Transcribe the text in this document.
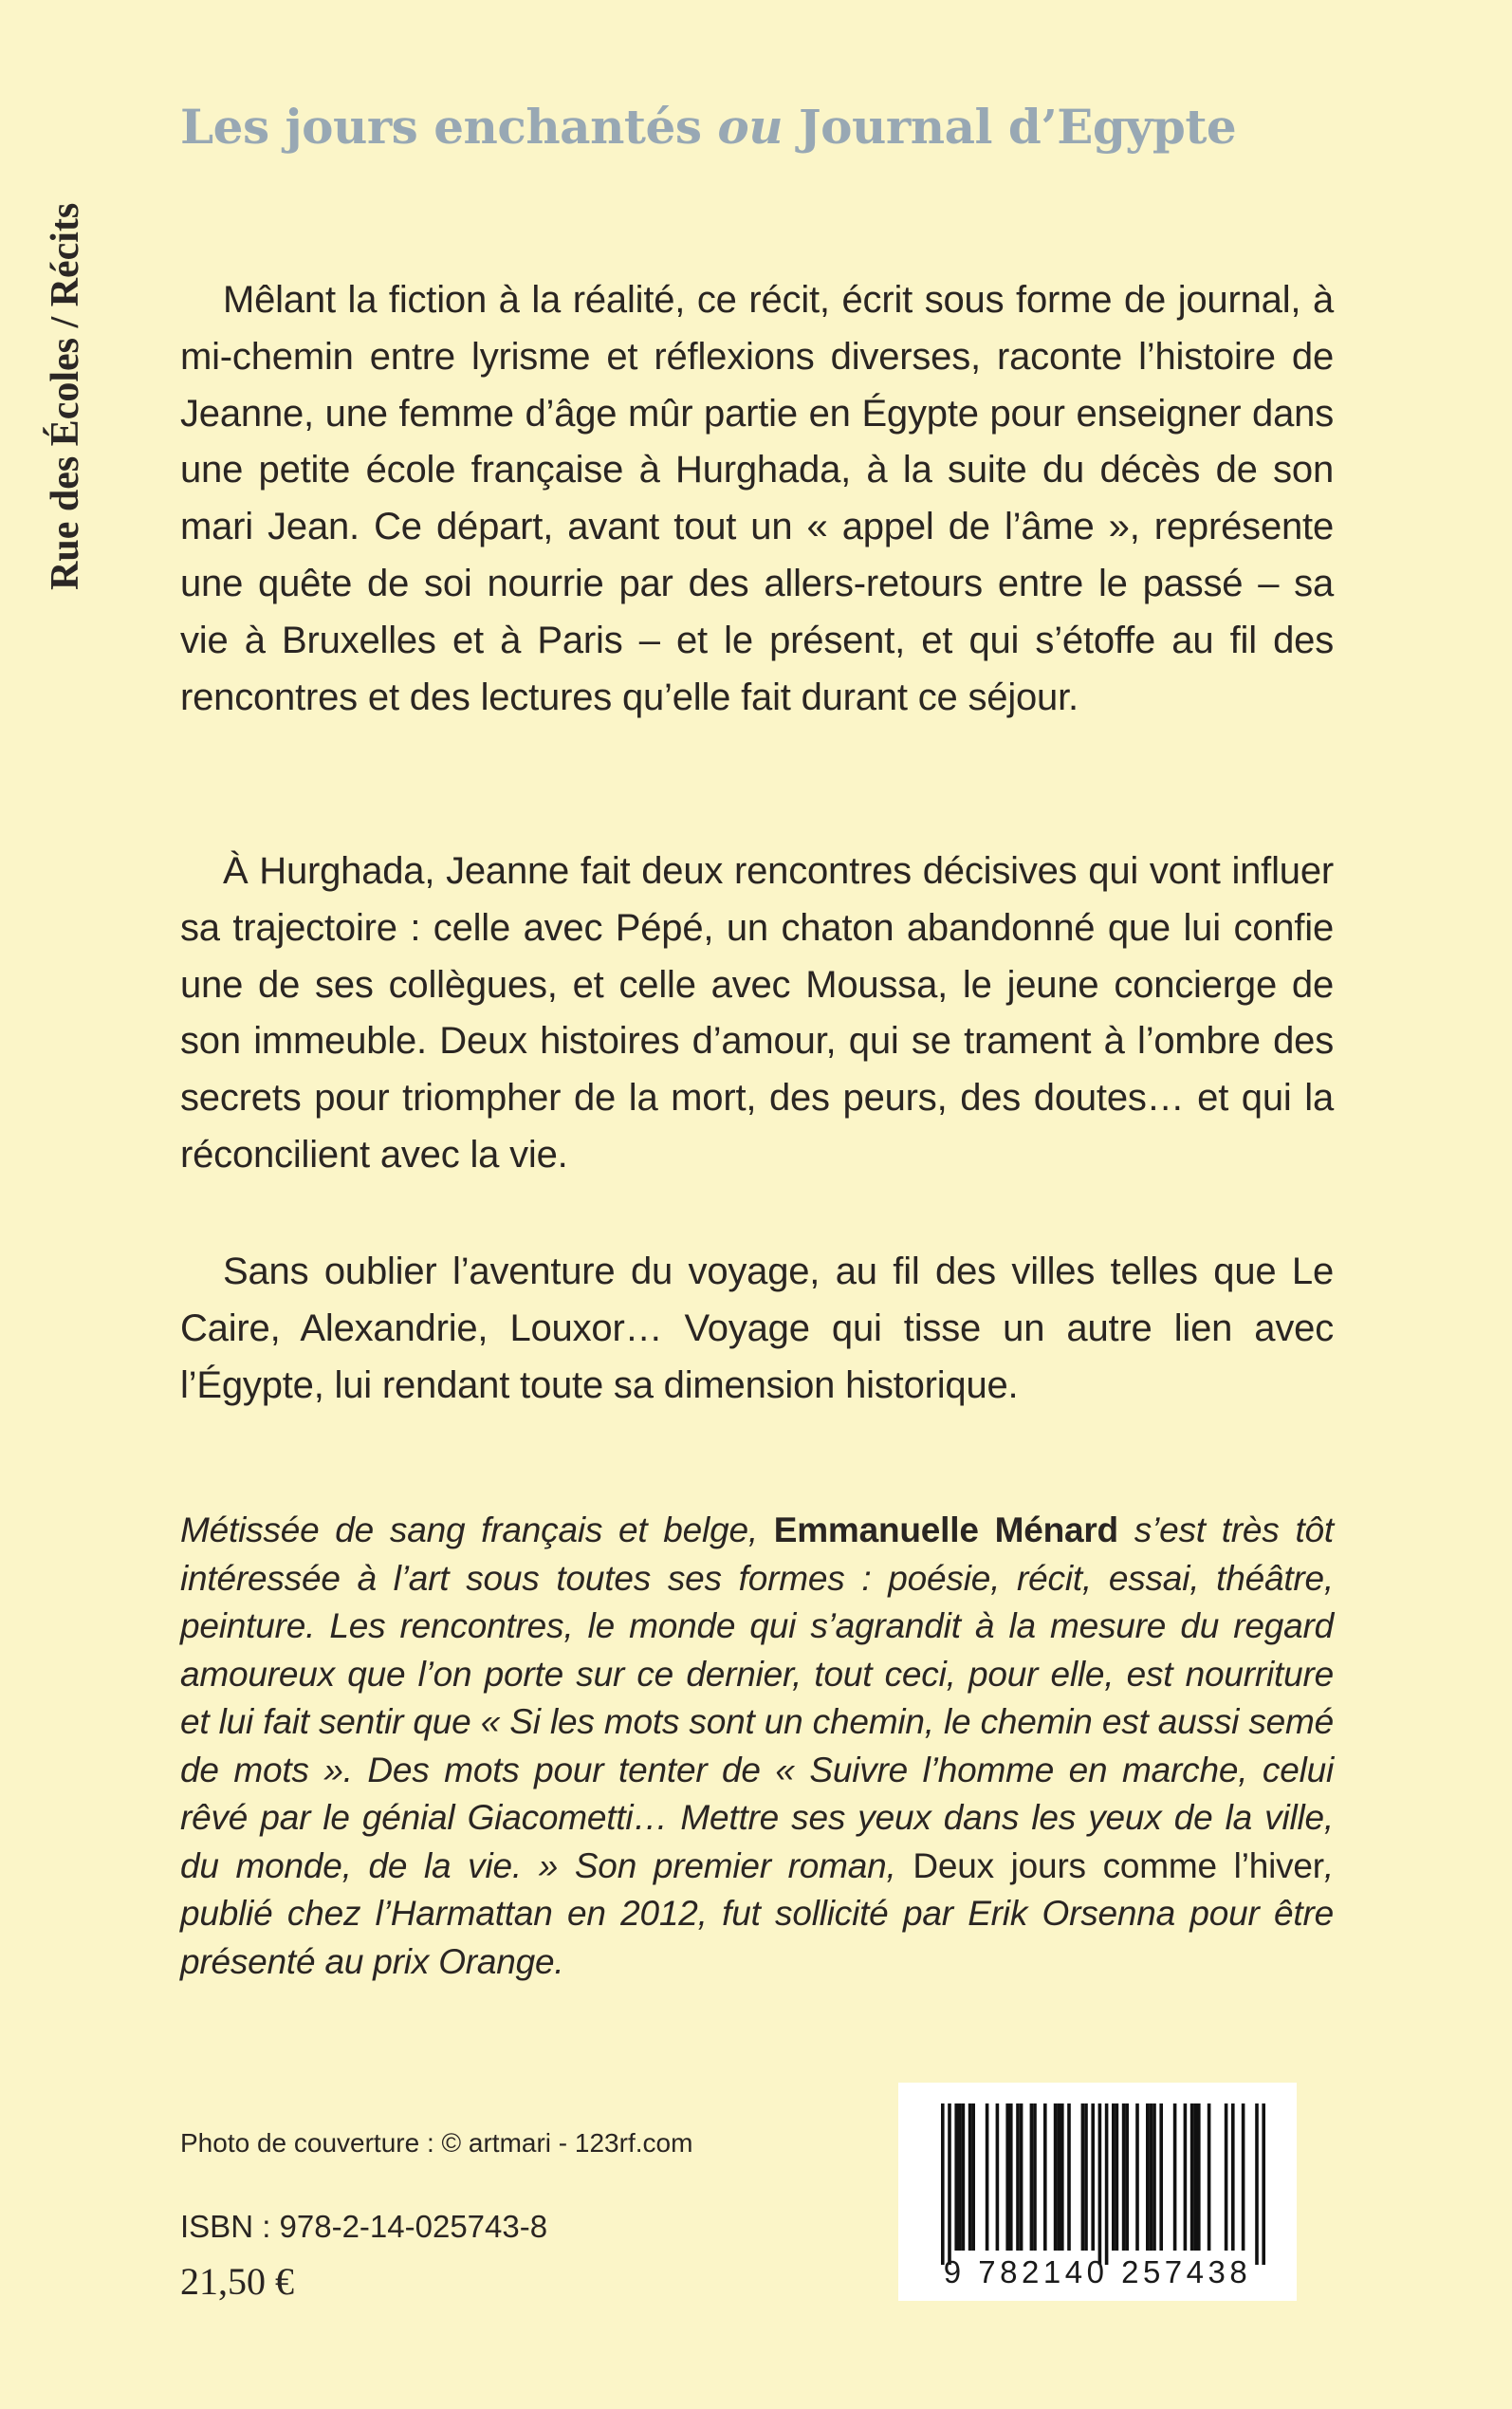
Rue des Écoles / Récits
Les jours enchantés ou Journal d’Egypte

Mêlant la fiction à la réalité, ce récit, écrit sous forme de journal, à mi-chemin entre lyrisme et réflexions diverses, raconte l’histoire de Jeanne, une femme d’âge mûr partie en Égypte pour enseigner dans une petite école française à Hurghada, à la suite du décès de son mari Jean. Ce départ, avant tout un « appel de l’âme », représente une quête de soi nourrie par des allers-retours entre le passé – sa vie à Bruxelles et à Paris – et le présent, et qui s’étoffe au fil des rencontres et des lectures qu’elle fait durant ce séjour.

À Hurghada, Jeanne fait deux rencontres décisives qui vont influer sa trajectoire : celle avec Pépé, un chaton abandonné que lui confie une de ses collègues, et celle avec Moussa, le jeune concierge de son immeuble. Deux histoires d’amour, qui se trament à l’ombre des secrets pour triompher de la mort, des peurs, des doutes… et qui la réconcilient avec la vie.

Sans oublier l’aventure du voyage, au fil des villes telles que Le Caire, Alexandrie, Louxor… Voyage qui tisse un autre lien avec l’Égypte, lui rendant toute sa dimension historique.

Métissée de sang français et belge, Emmanuelle Ménard s’est très tôt intéressée à l’art sous toutes ses formes : poésie, récit, essai, théâtre, peinture. Les rencontres, le monde qui s’agrandit à la mesure du regard amoureux que l’on porte sur ce dernier, tout ceci, pour elle, est nourriture et lui fait sentir que « Si les mots sont un chemin, le chemin est aussi semé de mots ». Des mots pour tenter de « Suivre l’homme en marche, celui rêvé par le génial Giacometti… Mettre ses yeux dans les yeux de la ville, du monde, de la vie. » Son premier roman, Deux jours comme l’hiver, publié chez l’Harmattan en 2012, fut sollicité par Erik Orsenna pour être présenté au prix Orange.

Photo de couverture : © artmari - 123rf.com

ISBN : 978-2-14-025743-8

21,50 €	9 782140 257438
